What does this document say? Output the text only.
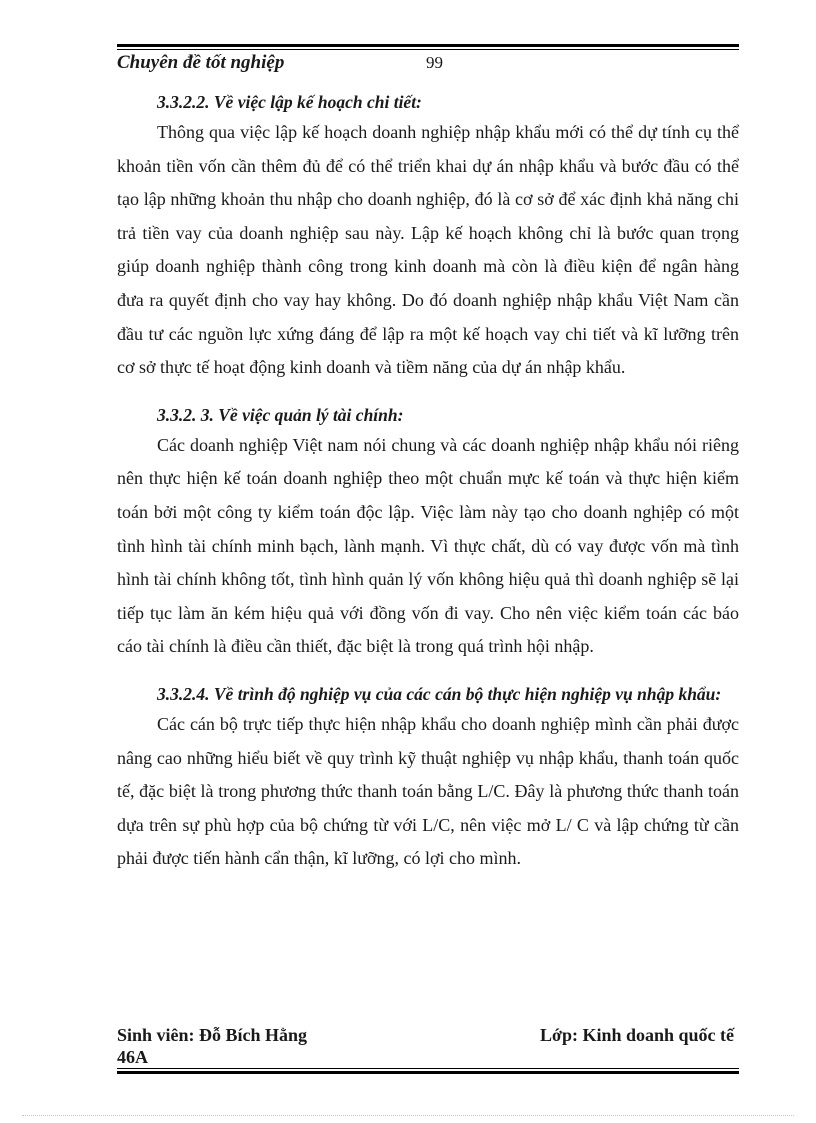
Chuyên đề tốt nghiệp	99
3.3.2.2. Về việc lập kế hoạch chi tiết:

Thông qua việc lập kế hoạch doanh nghiệp nhập khẩu mới có thể dự tính cụ thể khoản tiền vốn cần thêm đủ để có thể triển khai dự án nhập khẩu và bước đầu có thể tạo lập những khoản thu nhập cho doanh nghiệp, đó là cơ sở để xác định khả năng chi trả tiền vay của doanh nghiệp sau này. Lập kế hoạch không chỉ là bước quan trọng giúp doanh nghiệp thành công trong kinh doanh mà còn là điều kiện để ngân hàng đưa ra quyết định cho vay hay không. Do đó doanh nghiệp nhập khẩu Việt Nam cần đầu tư các nguồn lực xứng đáng để lập ra một kế hoạch vay chi tiết và kĩ lưỡng trên cơ sở thực tế hoạt động kinh doanh và tiềm năng của dự án nhập khẩu.

3.3.2. 3. Về việc quản lý tài chính:

Các doanh nghiệp Việt nam nói chung và các doanh nghiệp nhập khẩu nói riêng nên thực hiện kế toán doanh nghiệp theo một chuẩn mực kế toán và thực hiện kiểm toán bởi một công ty kiểm toán độc lập. Việc làm này tạo cho doanh nghịêp có một tình hình tài chính minh bạch, lành mạnh. Vì thực chất, dù có vay được vốn mà tình hình tài chính không tốt, tình hình quản lý vốn không hiệu quả thì doanh nghiệp sẽ lại tiếp tục làm ăn kém hiệu quả với đồng vốn đi vay. Cho nên việc kiểm toán các báo cáo tài chính là điều cần thiết, đặc biệt là trong quá trình hội nhập.

3.3.2.4. Về trình độ nghiệp vụ của các cán bộ thực hiện nghiệp vụ nhập khẩu:

Các cán bộ trực tiếp thực hiện nhập khẩu cho doanh nghiệp mình cần phải được nâng cao những hiểu biết về quy trình kỹ thuật nghiệp vụ nhập khẩu, thanh toán quốc tế, đặc biệt là trong phương thức thanh toán bằng L/C. Đây là phương thức thanh toán dựa trên sự phù hợp của bộ chứng từ với L/C, nên việc mở L/ C và lập chứng từ cần phải được tiến hành cẩn thận, kĩ lưỡng, có lợi cho mình.

Sinh viên: Đỗ Bích Hằng
46A
Lớp: Kinh doanh quốc tế
